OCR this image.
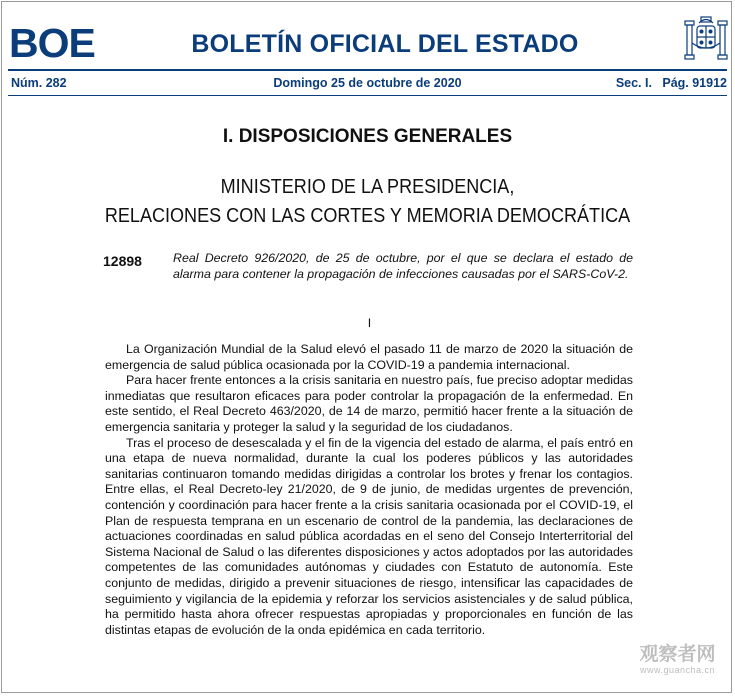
BOE	BOLETÍN OFICIAL DEL ESTADO
Núm. 282	Domingo 25 de octubre de 2020	Sec. I.   Pág. 91912
I. DISPOSICIONES GENERALES
MINISTERIO DE LA PRESIDENCIA,
RELACIONES CON LAS CORTES Y MEMORIA DEMOCRÁTICA
12898	Real Decreto 926/2020, de 25 de octubre, por el que se declara el estado de alarma para contener la propagación de infecciones causadas por el SARS-CoV-2.
I

La Organización Mundial de la Salud elevó el pasado 11 de marzo de 2020 la situación de emergencia de salud pública ocasionada por la COVID-19 a pandemia internacional.

Para hacer frente entonces a la crisis sanitaria en nuestro país, fue preciso adoptar medidas inmediatas que resultaron eficaces para poder controlar la propagación de la enfermedad. En este sentido, el Real Decreto 463/2020, de 14 de marzo, permitió hacer frente a la situación de emergencia sanitaria y proteger la salud y la seguridad de los ciudadanos.

Tras el proceso de desescalada y el fin de la vigencia del estado de alarma, el país entró en una etapa de nueva normalidad, durante la cual los poderes públicos y las autoridades sanitarias continuaron tomando medidas dirigidas a controlar los brotes y frenar los contagios. Entre ellas, el Real Decreto-ley 21/2020, de 9 de junio, de medidas urgentes de prevención, contención y coordinación para hacer frente a la crisis sanitaria ocasionada por el COVID-19, el Plan de respuesta temprana en un escenario de control de la pandemia, las declaraciones de actuaciones coordinadas en salud pública acordadas en el seno del Consejo Interterritorial del Sistema Nacional de Salud o las diferentes disposiciones y actos adoptados por las autoridades competentes de las comunidades autónomas y ciudades con Estatuto de autonomía. Este conjunto de medidas, dirigido a prevenir situaciones de riesgo, intensificar las capacidades de seguimiento y vigilancia de la epidemia y reforzar los servicios asistenciales y de salud pública, ha permitido hasta ahora ofrecer respuestas apropiadas y proporcionales en función de las distintas etapas de evolución de la onda epidémica en cada territorio.

观察者网
www.guancha.cn
